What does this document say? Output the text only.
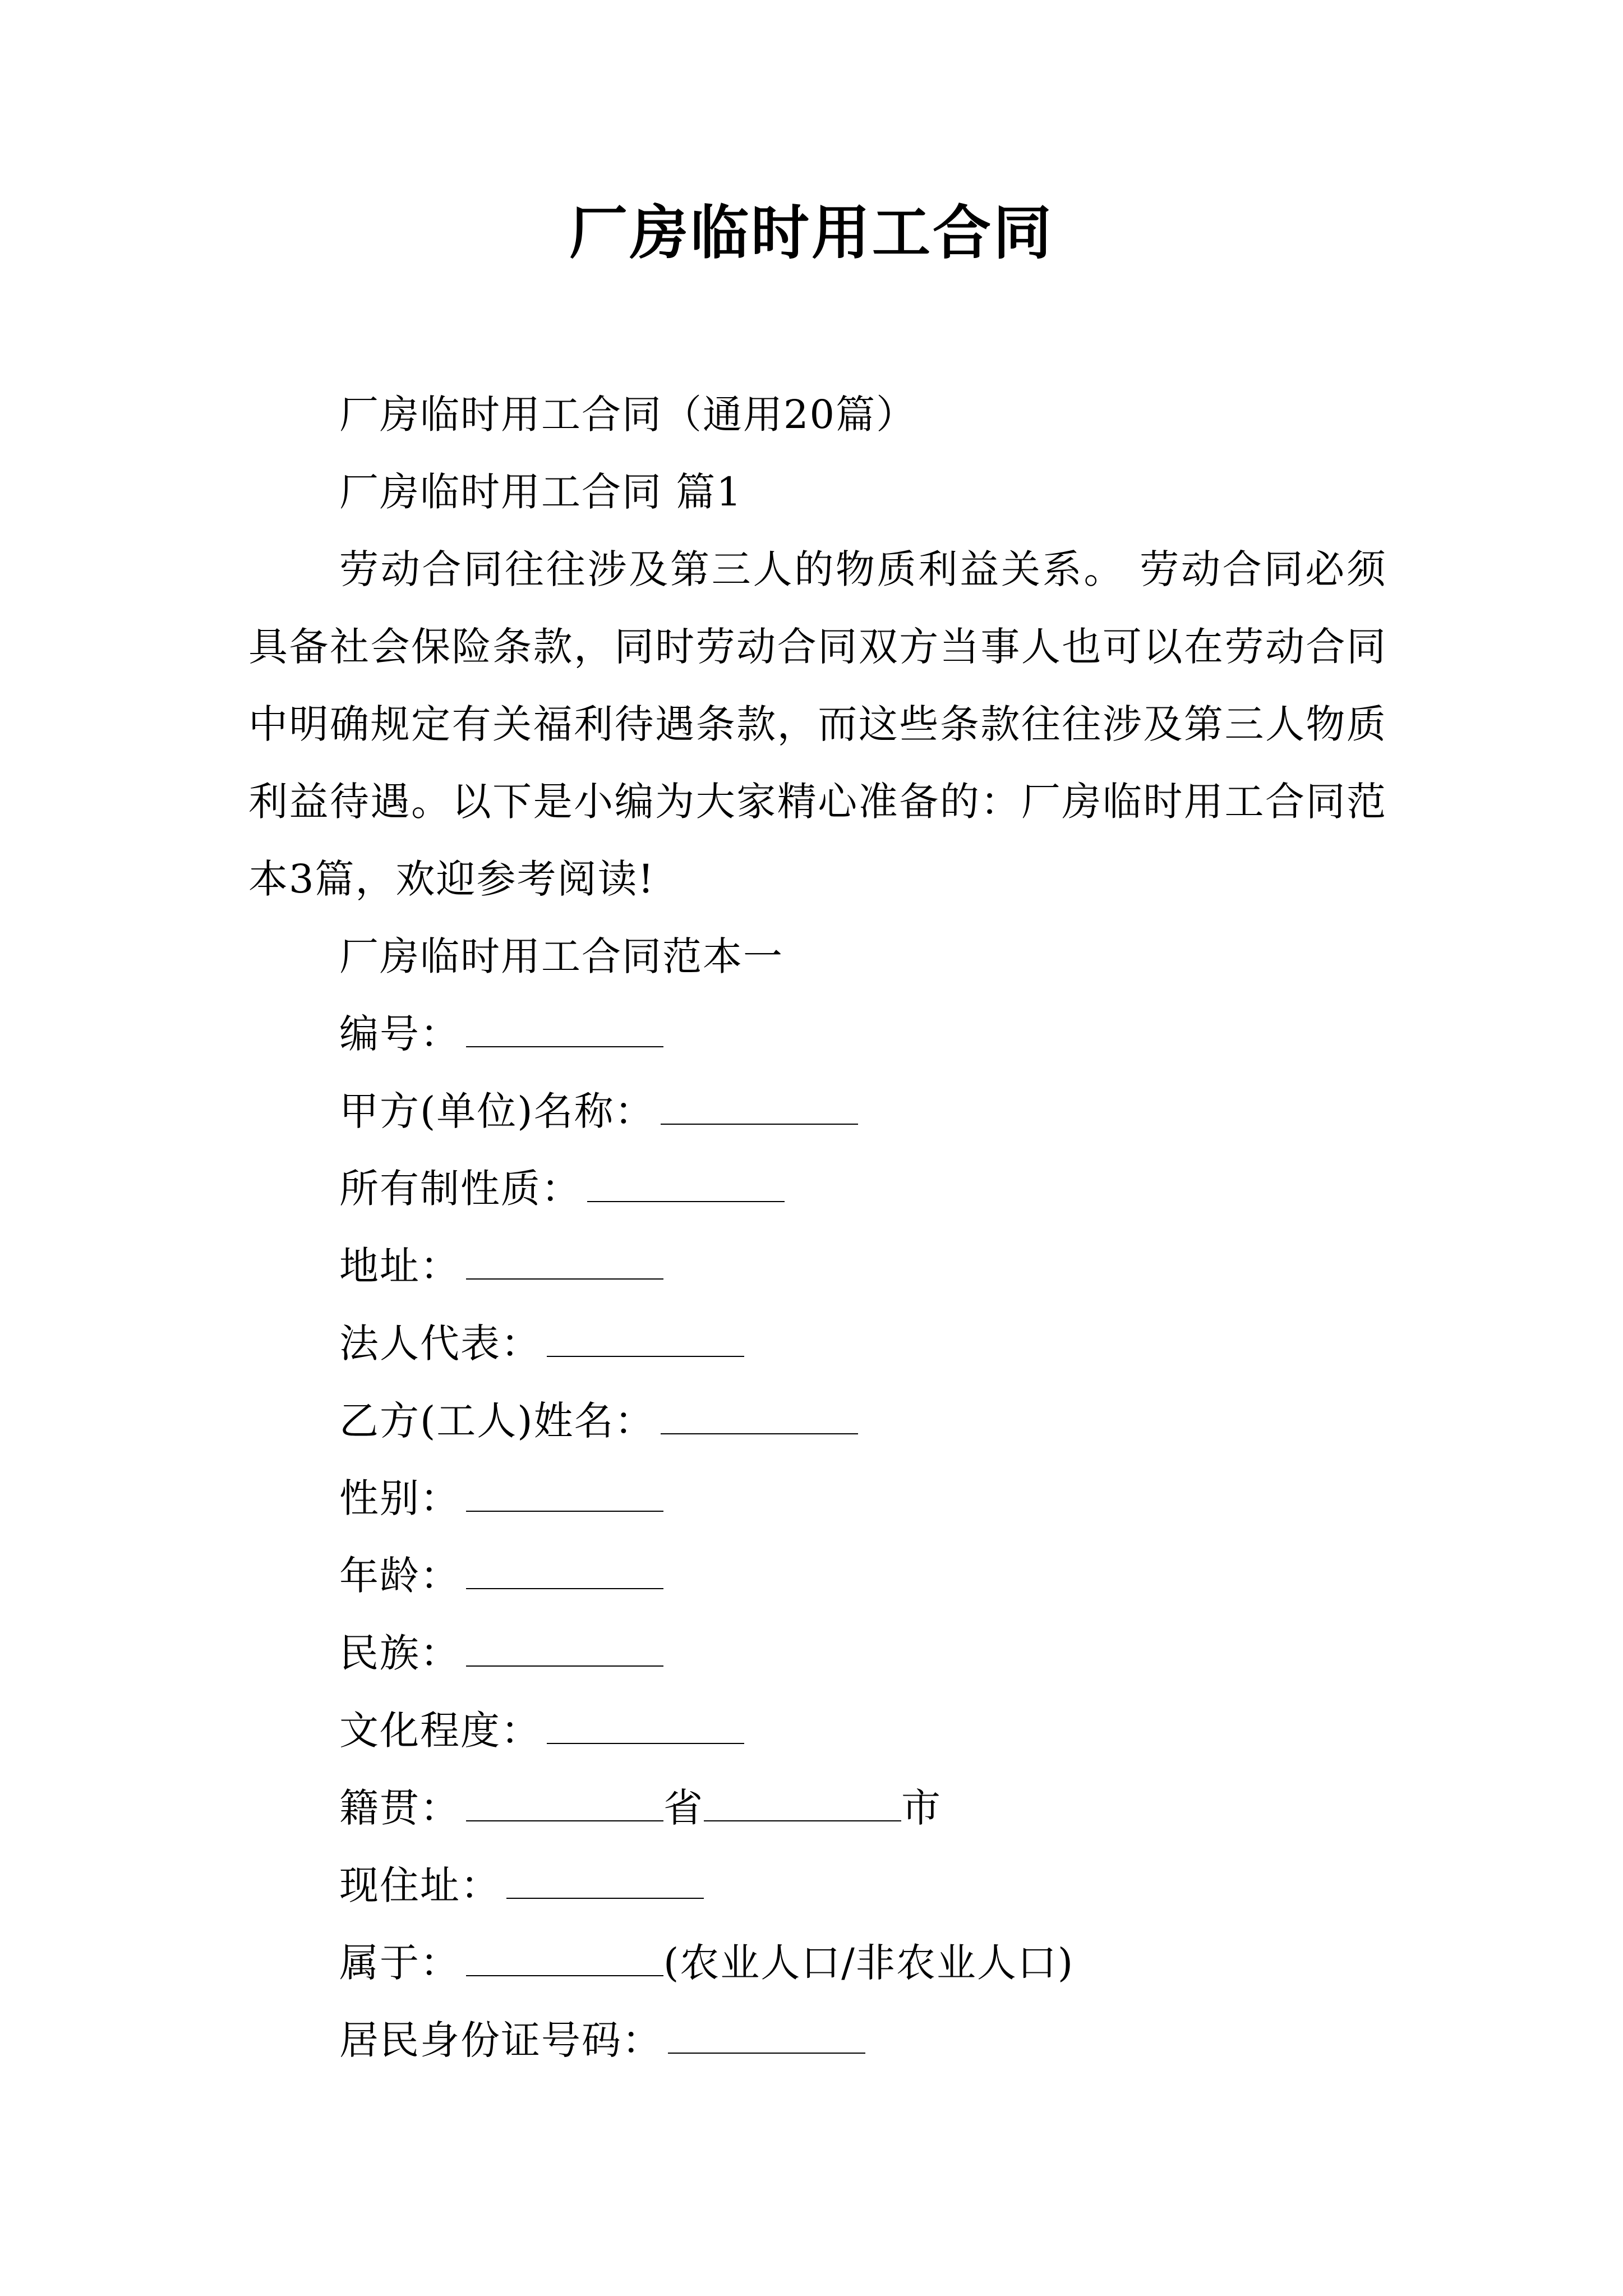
厂房临时用工合同

厂房临时用工合同（通用20篇）

厂房临时用工合同 篇1

劳动合同往往涉及第三人的物质利益关系。 劳动合同必须具备社会保险条款，同时劳动合同双方当事人也可以在劳动合同中明确规定有关福利待遇条款，而这些条款往往涉及第三人物质利益待遇。以下是小编为大家精心准备的：厂房临时用工合同范本3篇，欢迎参考阅读!

厂房临时用工合同范本一

编号：

甲方(单位)名称：

所有制性质：

地址：

法人代表：

乙方(工人)姓名：

性别：

年龄：

民族：

文化程度：

籍贯：	省	市

现住址：

属于：	(农业人口/非农业人口)

居民身份证号码：
